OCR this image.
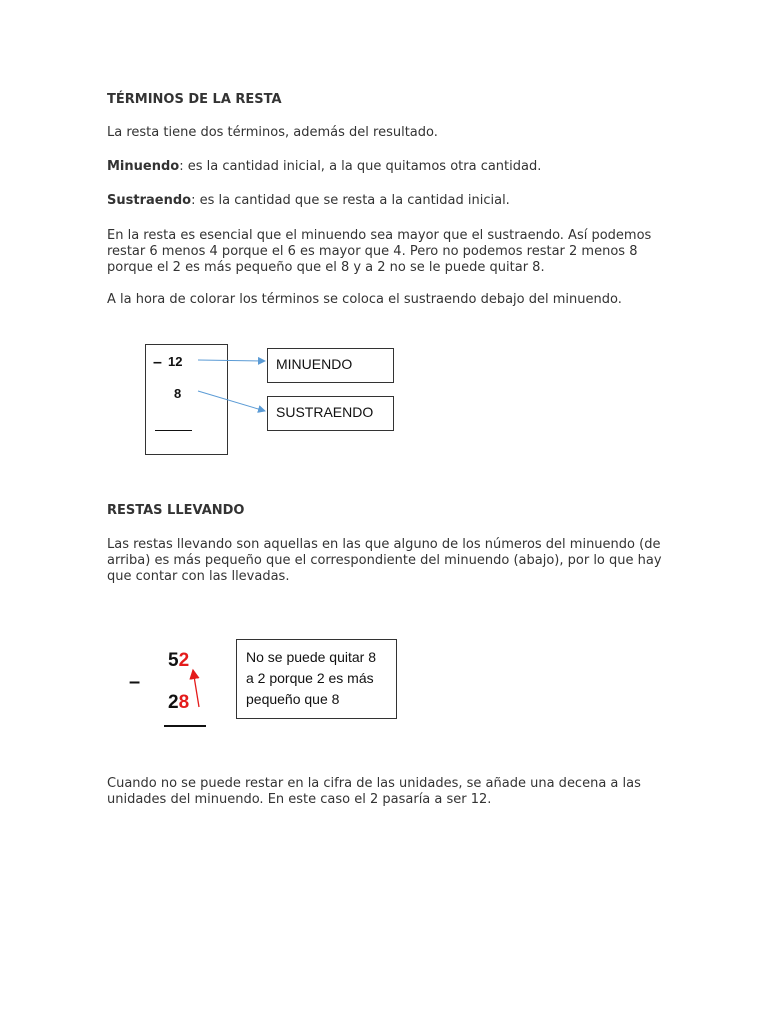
TÉRMINOS DE LA RESTA

La resta tiene dos términos, además del resultado.

Minuendo: es la cantidad inicial, a la que quitamos otra cantidad.

Sustraendo: es la cantidad que se resta a la cantidad inicial.

En la resta es esencial que el minuendo sea mayor que el sustraendo. Así podemos restar 6 menos 4 porque el 6 es mayor que 4. Pero no podemos restar 2 menos 8 porque el 2 es más pequeño que el 8 y a 2 no se le puede quitar 8.

A la hora de colorar los términos se coloca el sustraendo debajo del minuendo.

– 12
8
MINUENDO
SUSTRAENDO

RESTAS LLEVANDO

Las restas llevando son aquellas en las que alguno de los números del minuendo (de arriba) es más pequeño que el correspondiente del minuendo (abajo), por lo que hay que contar con las llevadas.

–
52
28
No se puede quitar 8
a 2 porque 2 es más
pequeño que 8

Cuando no se puede restar en la cifra de las unidades, se añade una decena a las unidades del minuendo. En este caso el 2 pasaría a ser 12.
